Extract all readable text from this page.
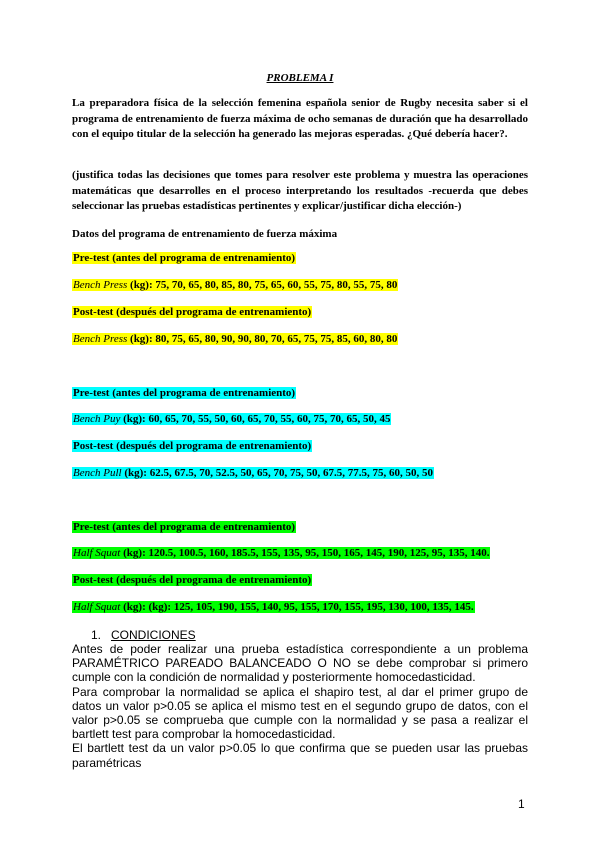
PROBLEMA I
La preparadora física de la selección femenina española senior de Rugby necesita saber si el programa de entrenamiento de fuerza máxima de ocho semanas de duración que ha desarrollado con el equipo titular de la selección ha generado las mejoras esperadas. ¿Qué debería hacer?.
(justifica todas las decisiones que tomes para resolver este problema y muestra las operaciones matemáticas que desarrolles en el proceso interpretando los resultados -recuerda que debes seleccionar las pruebas estadísticas pertinentes y explicar/justificar dicha elección-)
Datos del programa de entrenamiento de fuerza máxima
Pre-test (antes del programa de entrenamiento)
Bench Press (kg): 75, 70, 65, 80, 85, 80, 75, 65, 60, 55, 75, 80, 55, 75, 80
Post-test (después del programa de entrenamiento)
Bench Press (kg): 80, 75, 65, 80, 90, 90, 80, 70, 65, 75, 75, 85, 60, 80, 80
Pre-test (antes del programa de entrenamiento)
Bench Puy (kg): 60, 65, 70, 55, 50, 60, 65, 70, 55, 60, 75, 70, 65, 50, 45
Post-test (después del programa de entrenamiento)
Bench Pull (kg): 62.5, 67.5, 70, 52.5, 50, 65, 70, 75, 50, 67.5, 77.5, 75, 60, 50, 50
Pre-test (antes del programa de entrenamiento)
Half Squat (kg): 120.5, 100.5, 160, 185.5, 155, 135, 95, 150, 165, 145, 190, 125, 95, 135, 140.
Post-test (después del programa de entrenamiento)
Half Squat (kg): (kg): 125, 105, 190, 155, 140, 95, 155, 170, 155, 195, 130, 100, 135, 145.
1. CONDICIONES

Antes de poder realizar una prueba estadística correspondiente a un problema PARAMÉTRICO PAREADO BALANCEADO O NO se debe comprobar si primero cumple con la condición de normalidad y posteriormente homocedasticidad.

Para comprobar la normalidad se aplica el shapiro test, al dar el primer grupo de datos un valor p>0.05 se aplica el mismo test en el segundo grupo de datos, con el valor p>0.05 se comprueba que cumple con la normalidad y se pasa a realizar el bartlett test para comprobar la homocedasticidad.

El bartlett test da un valor p>0.05 lo que confirma que se pueden usar las pruebas paramétricas

1
